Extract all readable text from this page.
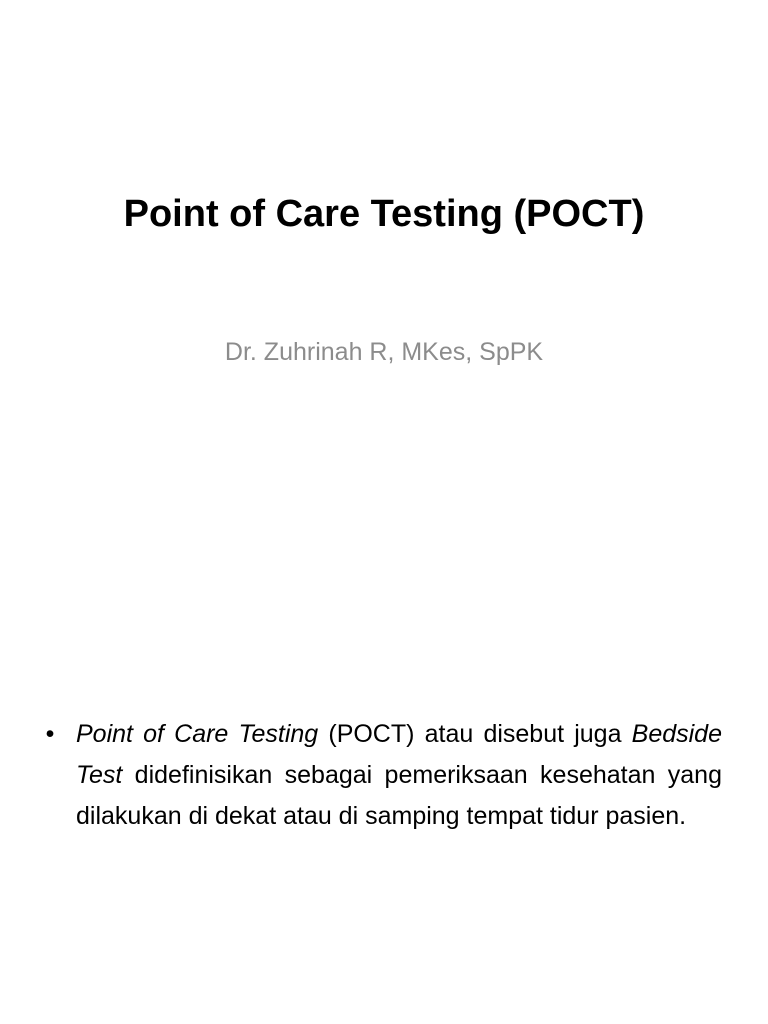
Point of Care Testing (POCT)
Dr. Zuhrinah R, MKes, SpPK
• Point of Care Testing (POCT) atau disebut juga Bedside Test didefinisikan sebagai pemeriksaan kesehatan yang dilakukan di dekat atau di samping tempat tidur pasien.
